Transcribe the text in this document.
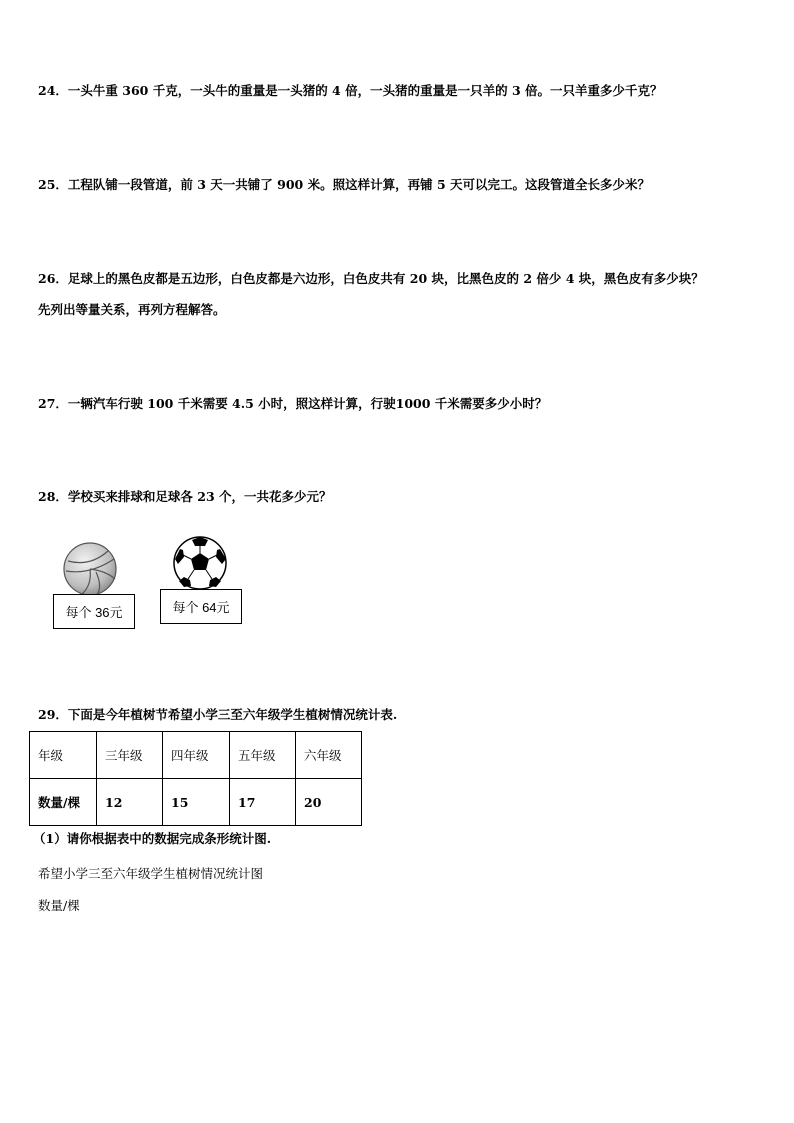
24．一头牛重 360 千克，一头牛的重量是一头猪的 4 倍，一头猪的重量是一只羊的 3 倍。一只羊重多少千克？
25．工程队铺一段管道，前 3 天一共铺了 900 米。照这样计算，再铺 5 天可以完工。这段管道全长多少米？
26．足球上的黑色皮都是五边形，白色皮都是六边形，白色皮共有 20 块，比黑色皮的 2 倍少 4 块，黑色皮有多少块？
先列出等量关系，再列方程解答。
27．一辆汽车行驶 100 千米需要 4.5 小时，照这样计算，行驶1000 千米需要多少小时？
28．学校买来排球和足球各 23 个，一共花多少元？
每个 36元	每个 64元
29．下面是今年植树节希望小学三至六年级学生植树情况统计表.
年级	三年级	四年级	五年级	六年级
数量/棵	12	15	17	20
（1）请你根据表中的数据完成条形统计图.
希望小学三至六年级学生植树情况统计图
数量/棵
